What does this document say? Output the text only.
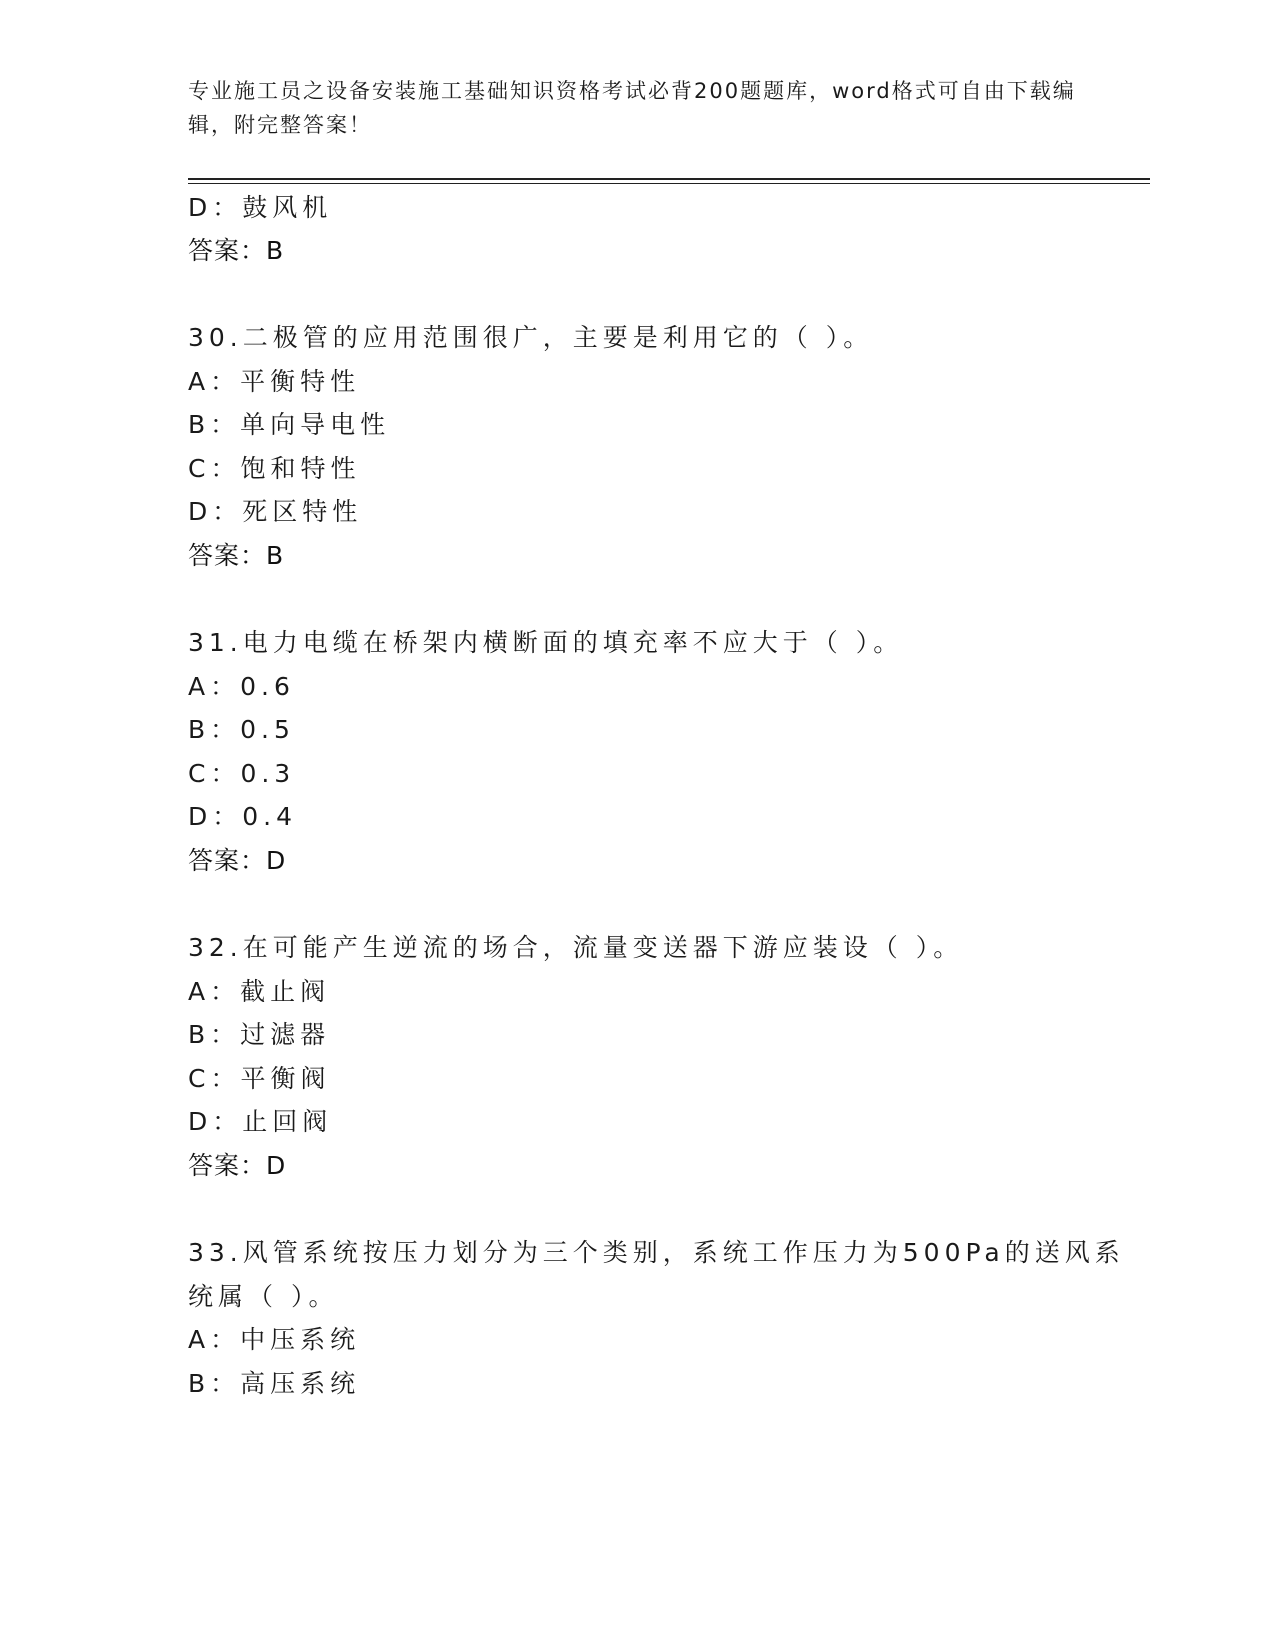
专业施工员之设备安装施工基础知识资格考试必背200题题库，word格式可自由下载编辑，附完整答案！
D：鼓风机
答案：B
30.二极管的应用范围很广，主要是利用它的（ ）。
A：平衡特性
B：单向导电性
C：饱和特性
D：死区特性
答案：B
31.电力电缆在桥架内横断面的填充率不应大于（ ）。
A：0.6
B：0.5
C：0.3
D：0.4
答案：D
32.在可能产生逆流的场合，流量变送器下游应装设（ ）。
A：截止阀
B：过滤器
C：平衡阀
D：止回阀
答案：D
33.风管系统按压力划分为三个类别，系统工作压力为500Pa的送风系
统属（ ）。
A：中压系统
B：高压系统
